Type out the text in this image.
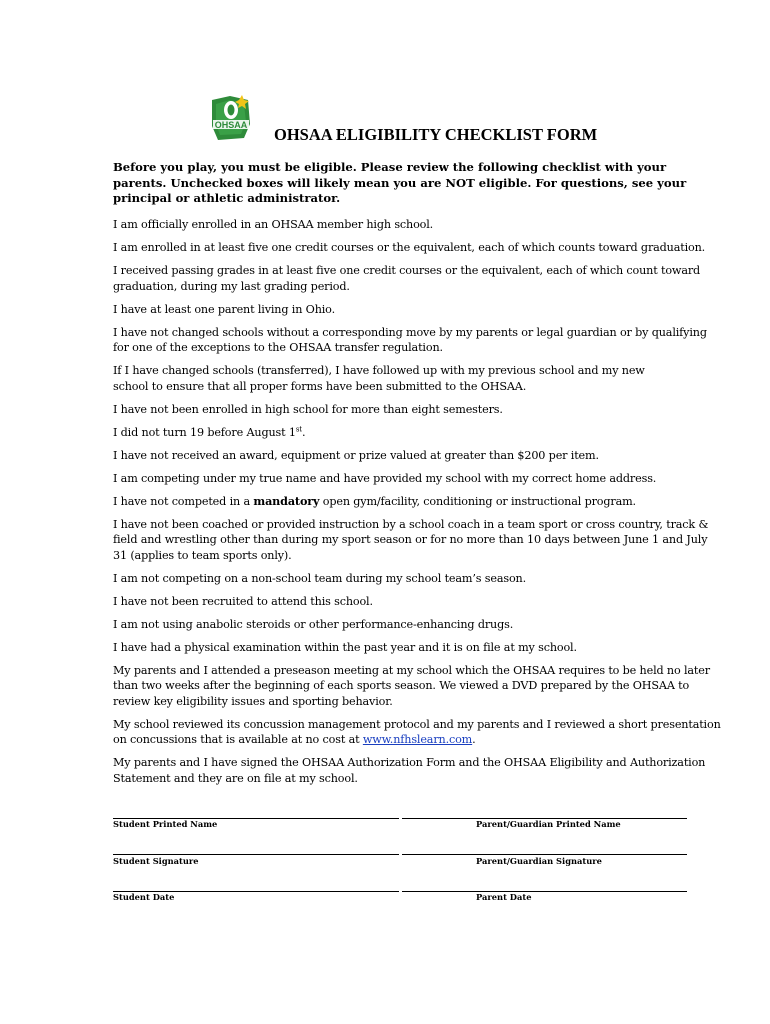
OHSAA OHSAA ELIGIBILITY CHECKLIST FORM

Before you play, you must be eligible. Please review the following checklist with your parents. Unchecked boxes will likely mean you are NOT eligible. For questions, see your principal or athletic administrator.

I am officially enrolled in an OHSAA member high school.
I am enrolled in at least five one credit courses or the equivalent, each of which counts toward graduation.
I received passing grades in at least five one credit courses or the equivalent, each of which count toward graduation, during my last grading period.
I have at least one parent living in Ohio.
I have not changed schools without a corresponding move by my parents or legal guardian or by qualifying for one of the exceptions to the OHSAA transfer regulation.
If I have changed schools (transferred), I have followed up with my previous school and my new school to ensure that all proper forms have been submitted to the OHSAA.
I have not been enrolled in high school for more than eight semesters.
I did not turn 19 before August 1st.
I have not received an award, equipment or prize valued at greater than $200 per item.
I am competing under my true name and have provided my school with my correct home address.
I have not competed in a mandatory open gym/facility, conditioning or instructional program.
I have not been coached or provided instruction by a school coach in a team sport or cross country, track & field and wrestling other than during my sport season or for no more than 10 days between June 1 and July 31 (applies to team sports only).
I am not competing on a non-school team during my school team’s season.
I have not been recruited to attend this school.
I am not using anabolic steroids or other performance-enhancing drugs.
I have had a physical examination within the past year and it is on file at my school.
My parents and I attended a preseason meeting at my school which the OHSAA requires to be held no later than two weeks after the beginning of each sports season. We viewed a DVD prepared by the OHSAA to review key eligibility issues and sporting behavior.
My school reviewed its concussion management protocol and my parents and I reviewed a short presentation on concussions that is available at no cost at www.nfhslearn.com.
My parents and I have signed the OHSAA Authorization Form and the OHSAA Eligibility and Authorization Statement and they are on file at my school.
Student Printed Name	Parent/Guardian Printed Name
Student Signature	Parent/Guardian Signature
Student Date	Parent Date
